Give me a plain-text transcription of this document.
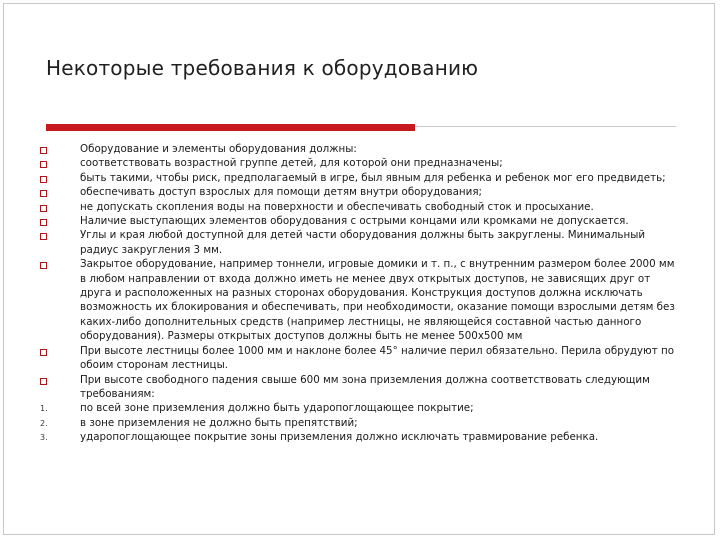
Некоторые требования к оборудованию
Оборудование и элементы оборудования должны:
соответствовать возрастной группе детей, для которой они предназначены;
быть такими, чтобы риск, предполагаемый в игре, был явным для ребенка и ребенок мог его предвидеть;
обеспечивать доступ взрослых для помощи детям внутри оборудования;
не допускать скопления воды на поверхности и обеспечивать свободный сток и просыхание.
Наличие выступающих элементов оборудования с острыми концами или кромками не допускается.
Углы и края любой доступной для детей части оборудования должны быть закруглены. Минимальный радиус закругления 3 мм.
Закрытое оборудование, например тоннели, игровые домики и т. п., с внутренним размером более 2000 мм в любом направлении от входа должно иметь не менее двух открытых доступов, не зависящих друг от друга и расположенных на разных сторонах оборудования. Конструкция доступов должна исключать возможность их блокирования и обеспечивать, при необходимости, оказание помощи взрослыми детям без каких-либо дополнительных средств (например лестницы, не являющейся составной частью данного оборудования). Размеры открытых доступов должны быть не менее 500х500 мм
При высоте лестницы более 1000 мм и наклоне более 45° наличие перил обязательно. Перила обрудуют по обоим сторонам лестницы.
При высоте свободного падения свыше 600 мм зона приземления должна соответствовать следующим требованиям:
1.	по всей зоне приземления должно быть ударопоглощающее покрытие;
2.	в зоне приземления не должно быть препятствий;
3.	ударопоглощающее покрытие зоны приземления должно исключать травмирование ребенка.
